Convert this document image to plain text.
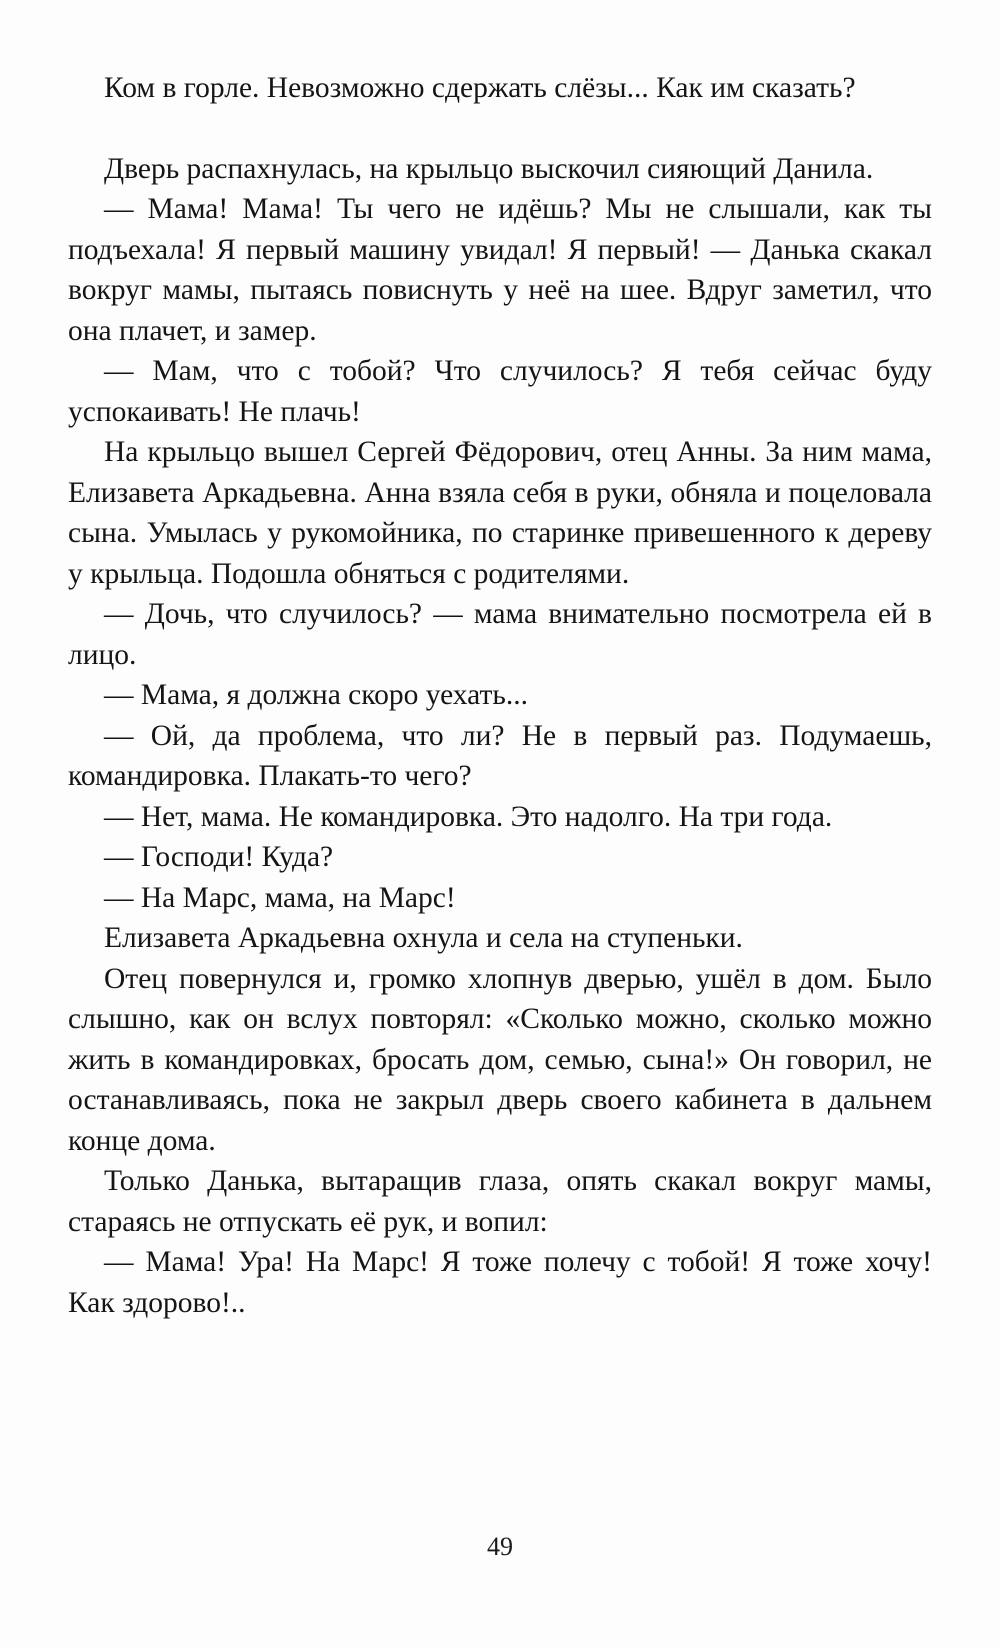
Ком в горле. Невозможно сдержать слёзы... Как им сказать?

Дверь распахнулась, на крыльцо выскочил сияющий Данила.

— Мама! Мама! Ты чего не идёшь? Мы не слышали, как ты подъехала! Я первый машину увидал! Я первый! — Данька скакал вокруг мамы, пытаясь повиснуть у неё на шее. Вдруг заметил, что она плачет, и замер.

— Мам, что с тобой? Что случилось? Я тебя сейчас буду успокаивать! Не плачь!

На крыльцо вышел Сергей Фёдорович, отец Анны. За ним мама, Елизавета Аркадьевна. Анна взяла себя в руки, обняла и поцеловала сына. Умылась у рукомойника, по старинке привешенного к дереву у крыльца. Подошла обняться с родителями.

— Дочь, что случилось? — мама внимательно посмотрела ей в лицо.

— Мама, я должна скоро уехать...

— Ой, да проблема, что ли? Не в первый раз. Подумаешь, командировка. Плакать-то чего?

— Нет, мама. Не командировка. Это надолго. На три года.

— Господи! Куда?

— На Марс, мама, на Марс!

Елизавета Аркадьевна охнула и села на ступеньки.

Отец повернулся и, громко хлопнув дверью, ушёл в дом. Было слышно, как он вслух повторял: «Сколько можно, сколько можно жить в командировках, бросать дом, семью, сына!» Он говорил, не останавливаясь, пока не закрыл дверь своего кабинета в дальнем конце дома.

Только Данька, вытаращив глаза, опять скакал вокруг мамы, стараясь не отпускать её рук, и вопил:

— Мама! Ура! На Марс! Я тоже полечу с тобой! Я тоже хочу! Как здорово!..

49
